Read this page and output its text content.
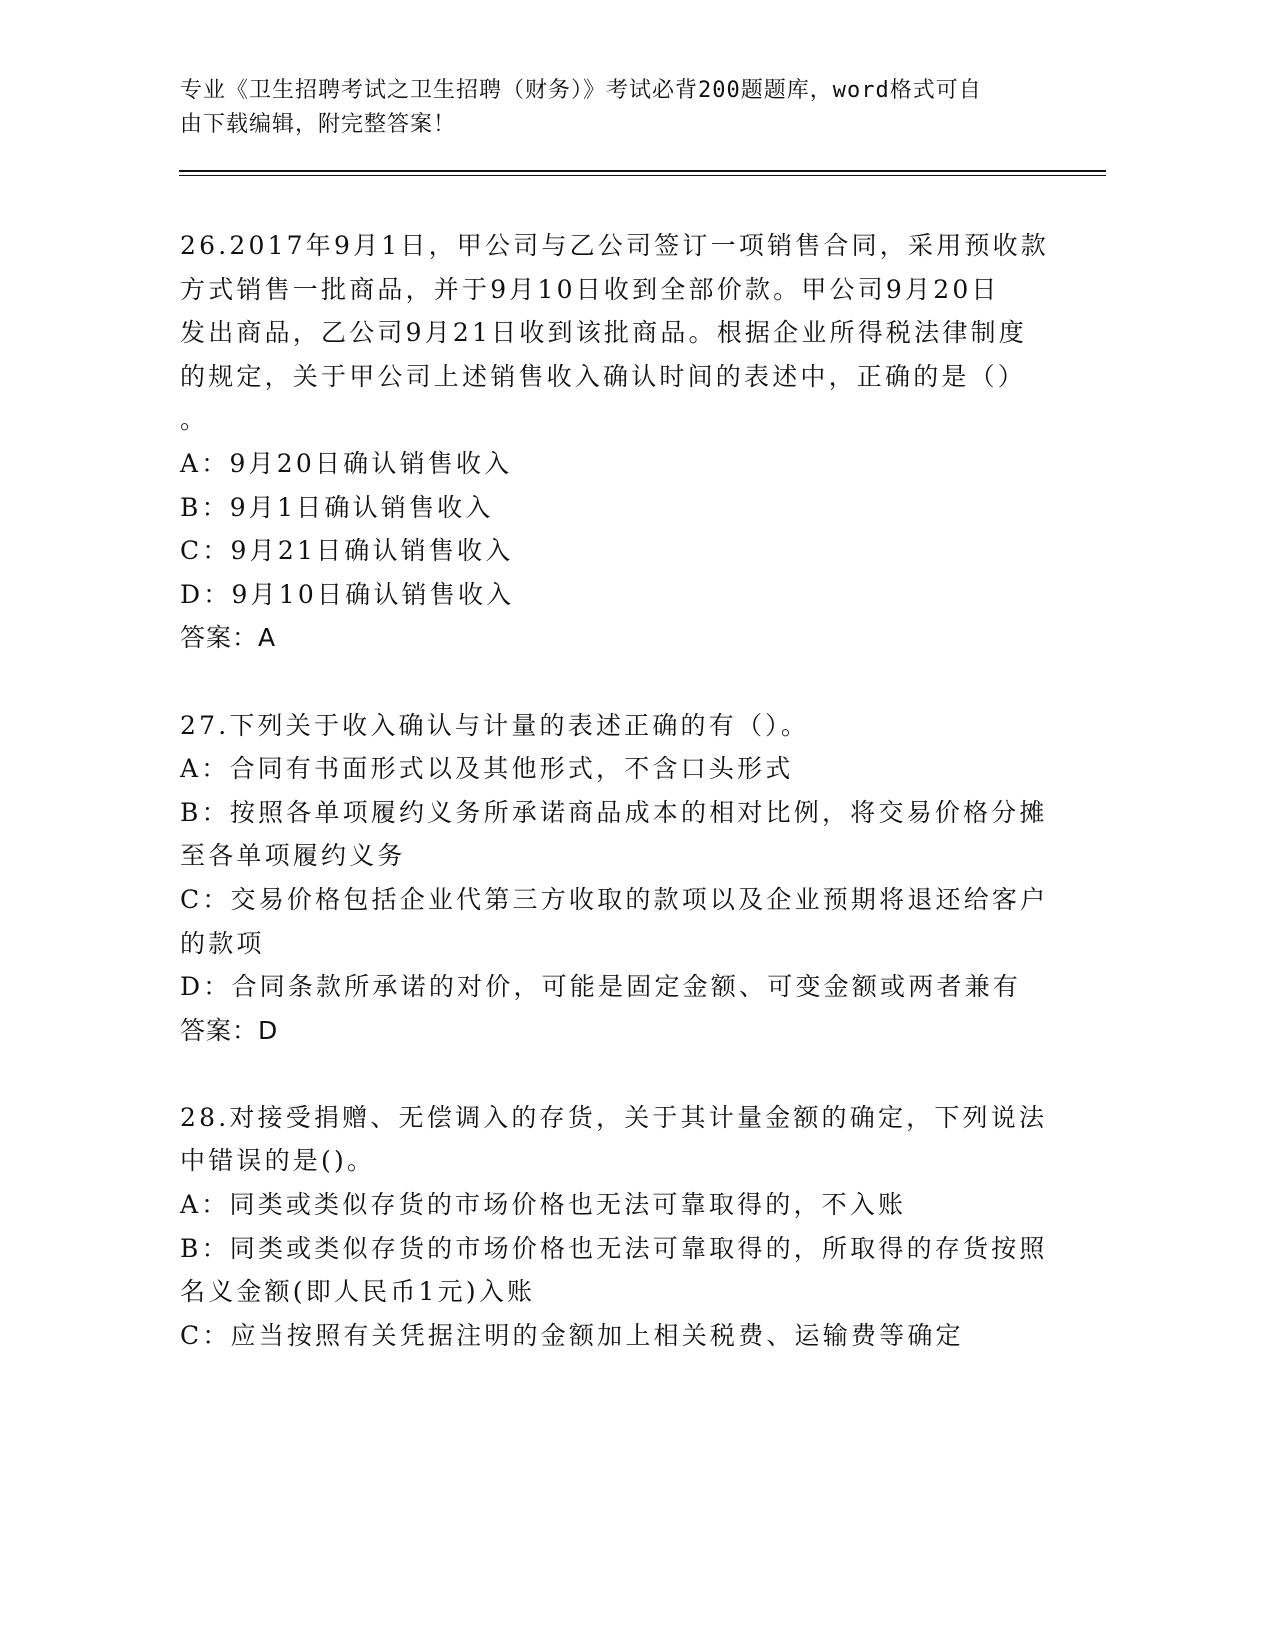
专业《卫生招聘考试之卫生招聘（财务）》考试必背200题题库，word格式可自
由下载编辑，附完整答案！
26.2017年9月1日，甲公司与乙公司签订一项销售合同，采用预收款
方式销售一批商品，并于9月10日收到全部价款。甲公司9月20日
发出商品，乙公司9月21日收到该批商品。根据企业所得税法律制度
的规定，关于甲公司上述销售收入确认时间的表述中，正确的是（）
。
A：9月20日确认销售收入
B：9月1日确认销售收入
C：9月21日确认销售收入
D：9月10日确认销售收入
答案：A
27.下列关于收入确认与计量的表述正确的有（）。
A：合同有书面形式以及其他形式，不含口头形式
B：按照各单项履约义务所承诺商品成本的相对比例，将交易价格分摊
至各单项履约义务
C：交易价格包括企业代第三方收取的款项以及企业预期将退还给客户
的款项
D：合同条款所承诺的对价，可能是固定金额、可变金额或两者兼有
答案：D
28.对接受捐赠、无偿调入的存货，关于其计量金额的确定，下列说法
中错误的是()。
A：同类或类似存货的市场价格也无法可靠取得的，不入账
B：同类或类似存货的市场价格也无法可靠取得的，所取得的存货按照
名义金额(即人民币1元)入账
C：应当按照有关凭据注明的金额加上相关税费、运输费等确定
